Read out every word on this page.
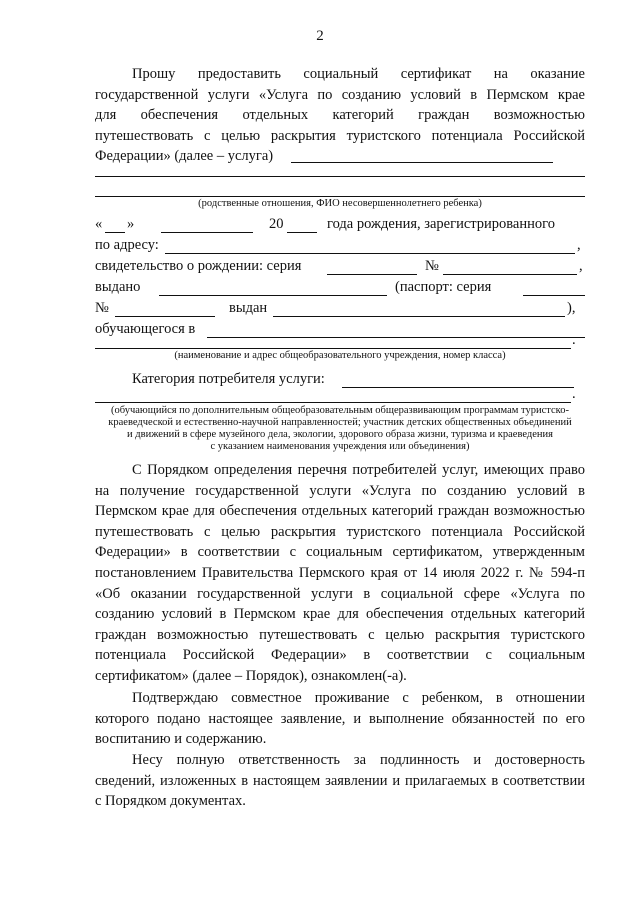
2
Прошу предоставить социальный сертификат на оказание
государственной услуги «Услуга по созданию условий в Пермском крае
для обеспечения отдельных категорий граждан возможностью
путешествовать с целью раскрытия туристского потенциала Российской
Федерации» (далее – услуга)
(родственные отношения, ФИО несовершеннолетнего ребенка)
« »	20	года рождения, зарегистрированного
по адресу:	,
свидетельство о рождении: серия	№	,
выдано	(паспорт: серия
№	выдан	),
обучающегося в
.
(наименование и адрес общеобразовательного учреждения, номер класса)
Категория потребителя услуги:
.
(обучающийся по дополнительным общеобразовательным общеразвивающим программам туристско-
краеведческой и естественно-научной направленностей; участник детских общественных объединений
и движений в сфере музейного дела, экологии, здорового образа жизни, туризма и краеведения
с указанием наименования учреждения или объединения)
С Порядком определения перечня потребителей услуг, имеющих право на получение государственной услуги «Услуга по созданию условий в Пермском крае для обеспечения отдельных категорий граждан возможностью путешествовать с целью раскрытия туристского потенциала Российской Федерации» в соответствии с социальным сертификатом, утвержденным постановлением Правительства Пермского края от 14 июля 2022 г. № 594-п «Об оказании государственной услуги в социальной сфере «Услуга по созданию условий в Пермском крае для обеспечения отдельных категорий граждан возможностью путешествовать с целью раскрытия туристского потенциала Российской Федерации» в соответствии с социальным сертификатом» (далее – Порядок), ознакомлен(-а).
Подтверждаю совместное проживание с ребенком, в отношении которого подано настоящее заявление, и выполнение обязанностей по его воспитанию и содержанию.
Несу полную ответственность за подлинность и достоверность сведений, изложенных в настоящем заявлении и прилагаемых в соответствии с Порядком документах.
